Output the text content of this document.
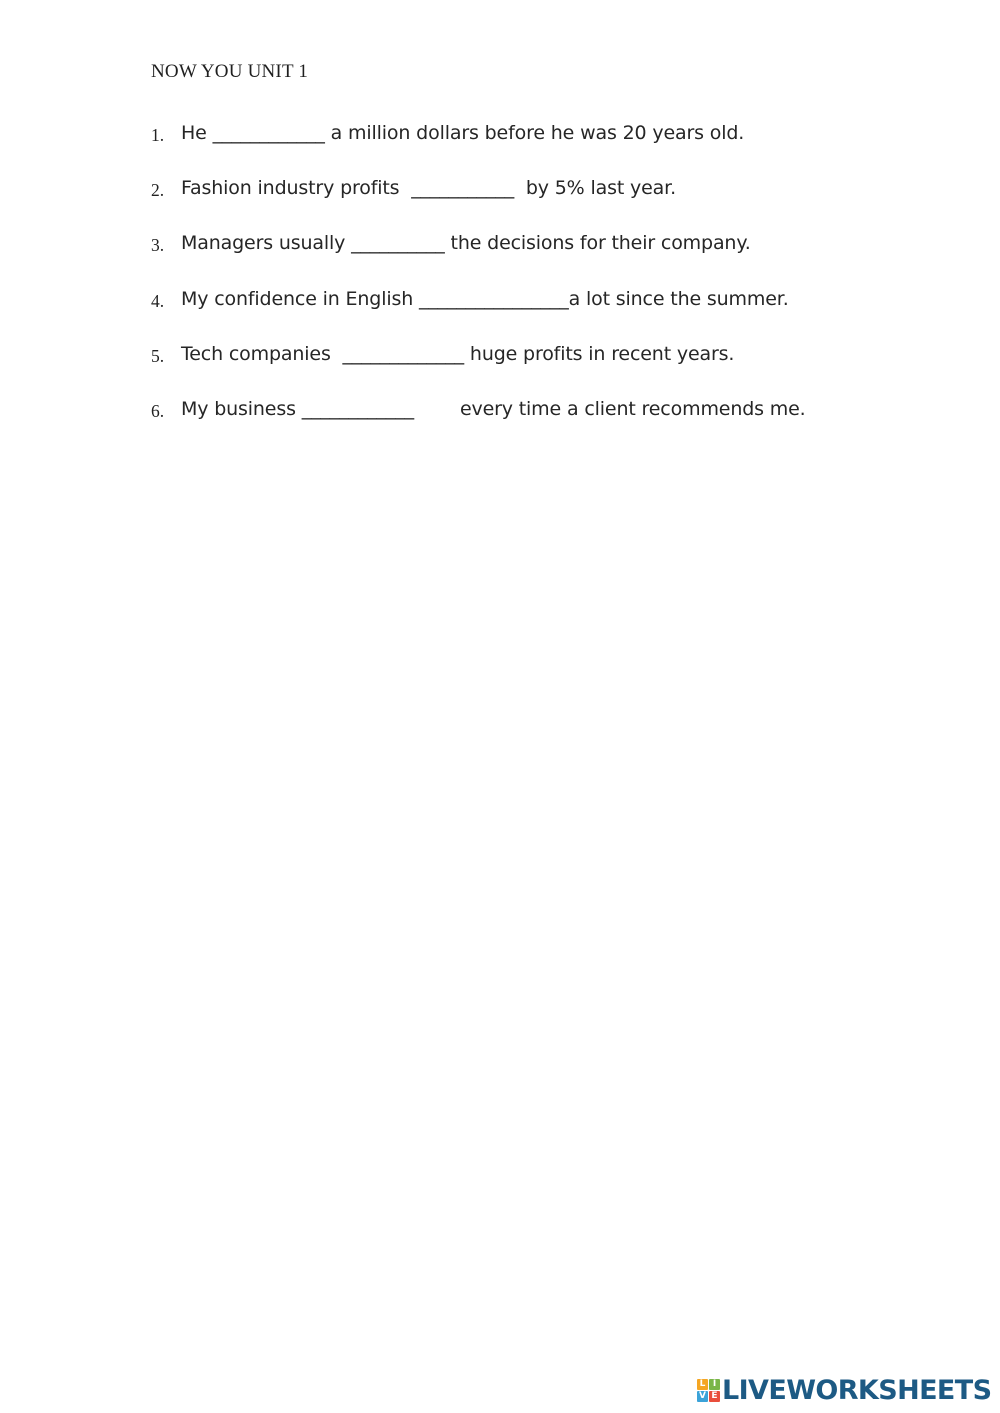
NOW YOU UNIT 1
1. He ____________ a million dollars before he was 20 years old.
2. Fashion industry profits ___________ by 5% last year.
3. Managers usually __________ the decisions for their company.
4. My confidence in English ________________a lot since the summer.
5. Tech companies _____________ huge profits in recent years.
6. My business ____________ every time a client recommends me.
L I
V E LIVEWORKSHEETS
